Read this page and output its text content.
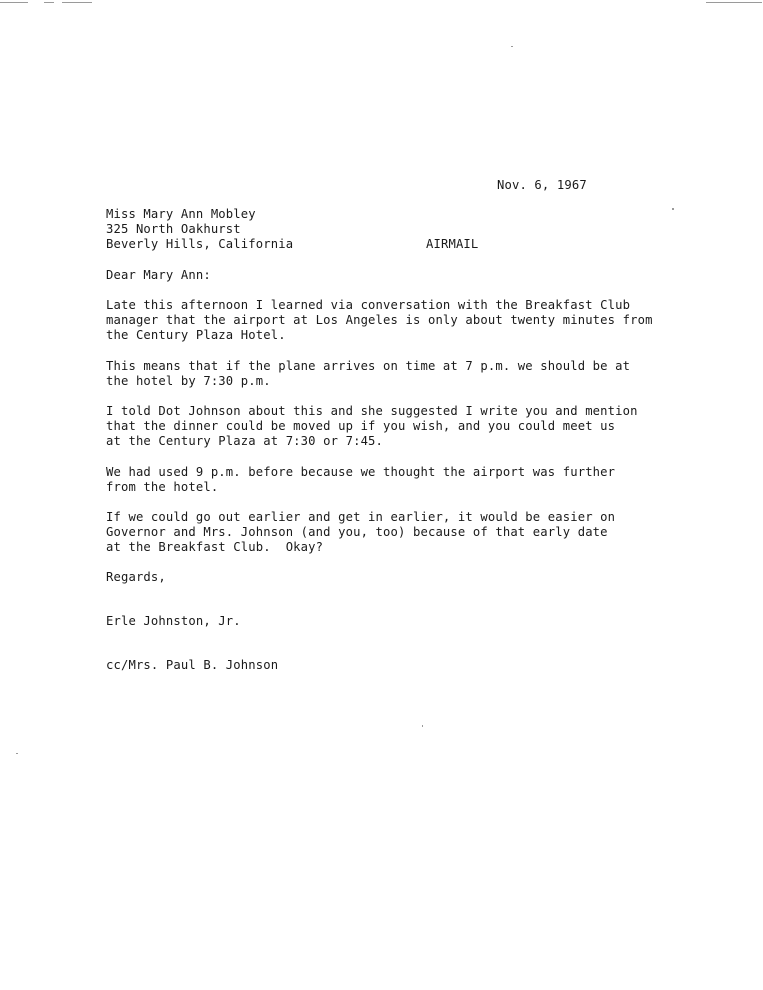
Nov. 6, 1967
Miss Mary Ann Mobley
325 North Oakhurst
Beverly Hills, California	AIRMAIL
Dear Mary Ann:
Late this afternoon I learned via conversation with the Breakfast Club
manager that the airport at Los Angeles is only about twenty minutes from
the Century Plaza Hotel.
This means that if the plane arrives on time at 7 p.m. we should be at
the hotel by 7:30 p.m.
I told Dot Johnson about this and she suggested I write you and mention
that the dinner could be moved up if you wish, and you could meet us
at the Century Plaza at 7:30 or 7:45.
We had used 9 p.m. before because we thought the airport was further
from the hotel.
If we could go out earlier and get in earlier, it would be easier on
Governor and Mrs. Johnson (and you, too) because of that early date
at the Breakfast Club.  Okay?
Regards,
Erle Johnston, Jr.
cc/Mrs. Paul B. Johnson
